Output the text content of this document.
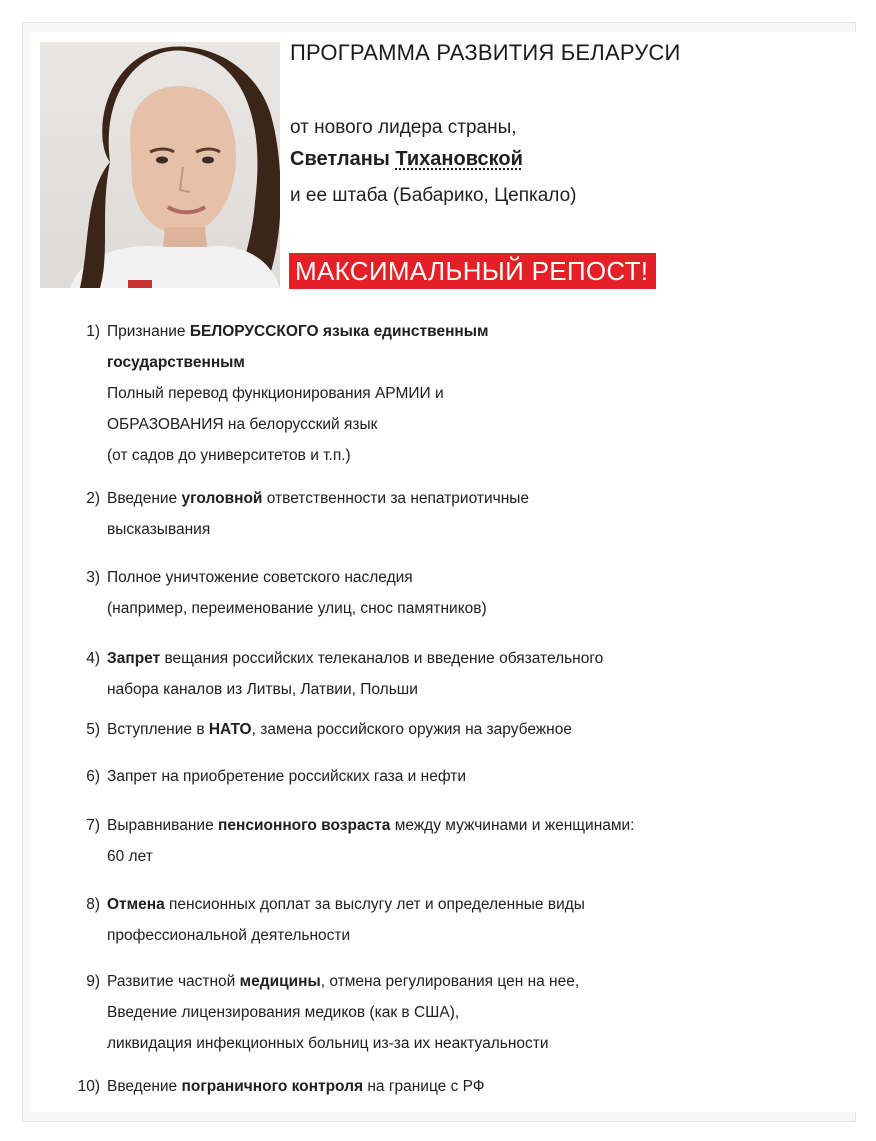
ПРОГРАММА РАЗВИТИЯ БЕЛАРУСИ
от нового лидера страны,
Светланы Тихановской
и ее штаба (Бабарико, Цепкало)
МАКСИМАЛЬНЫЙ РЕПОСТ!
1) Признание БЕЛОРУССКОГО языка единственным
государственным
Полный перевод функционирования АРМИИ и
ОБРАЗОВАНИЯ на белорусский язык
(от садов до университетов и т.п.)
2) Введение уголовной ответственности за непатриотичные
высказывания
3) Полное уничтожение советского наследия
(например, переименование улиц, снос памятников)
4) Запрет вещания российских телеканалов и введение обязательного
набора каналов из Литвы, Латвии, Польши
5) Вступление в НАТО, замена российского оружия на зарубежное
6) Запрет на приобретение российских газа и нефти
7) Выравнивание пенсионного возраста между мужчинами и женщинами:
60 лет
8) Отмена пенсионных доплат за выслугу лет и определенные виды
профессиональной деятельности
9) Развитие частной медицины, отмена регулирования цен на нее,
Введение лицензирования медиков (как в США),
ликвидация инфекционных больниц из-за их неактуальности
10) Введение пограничного контроля на границе с РФ
